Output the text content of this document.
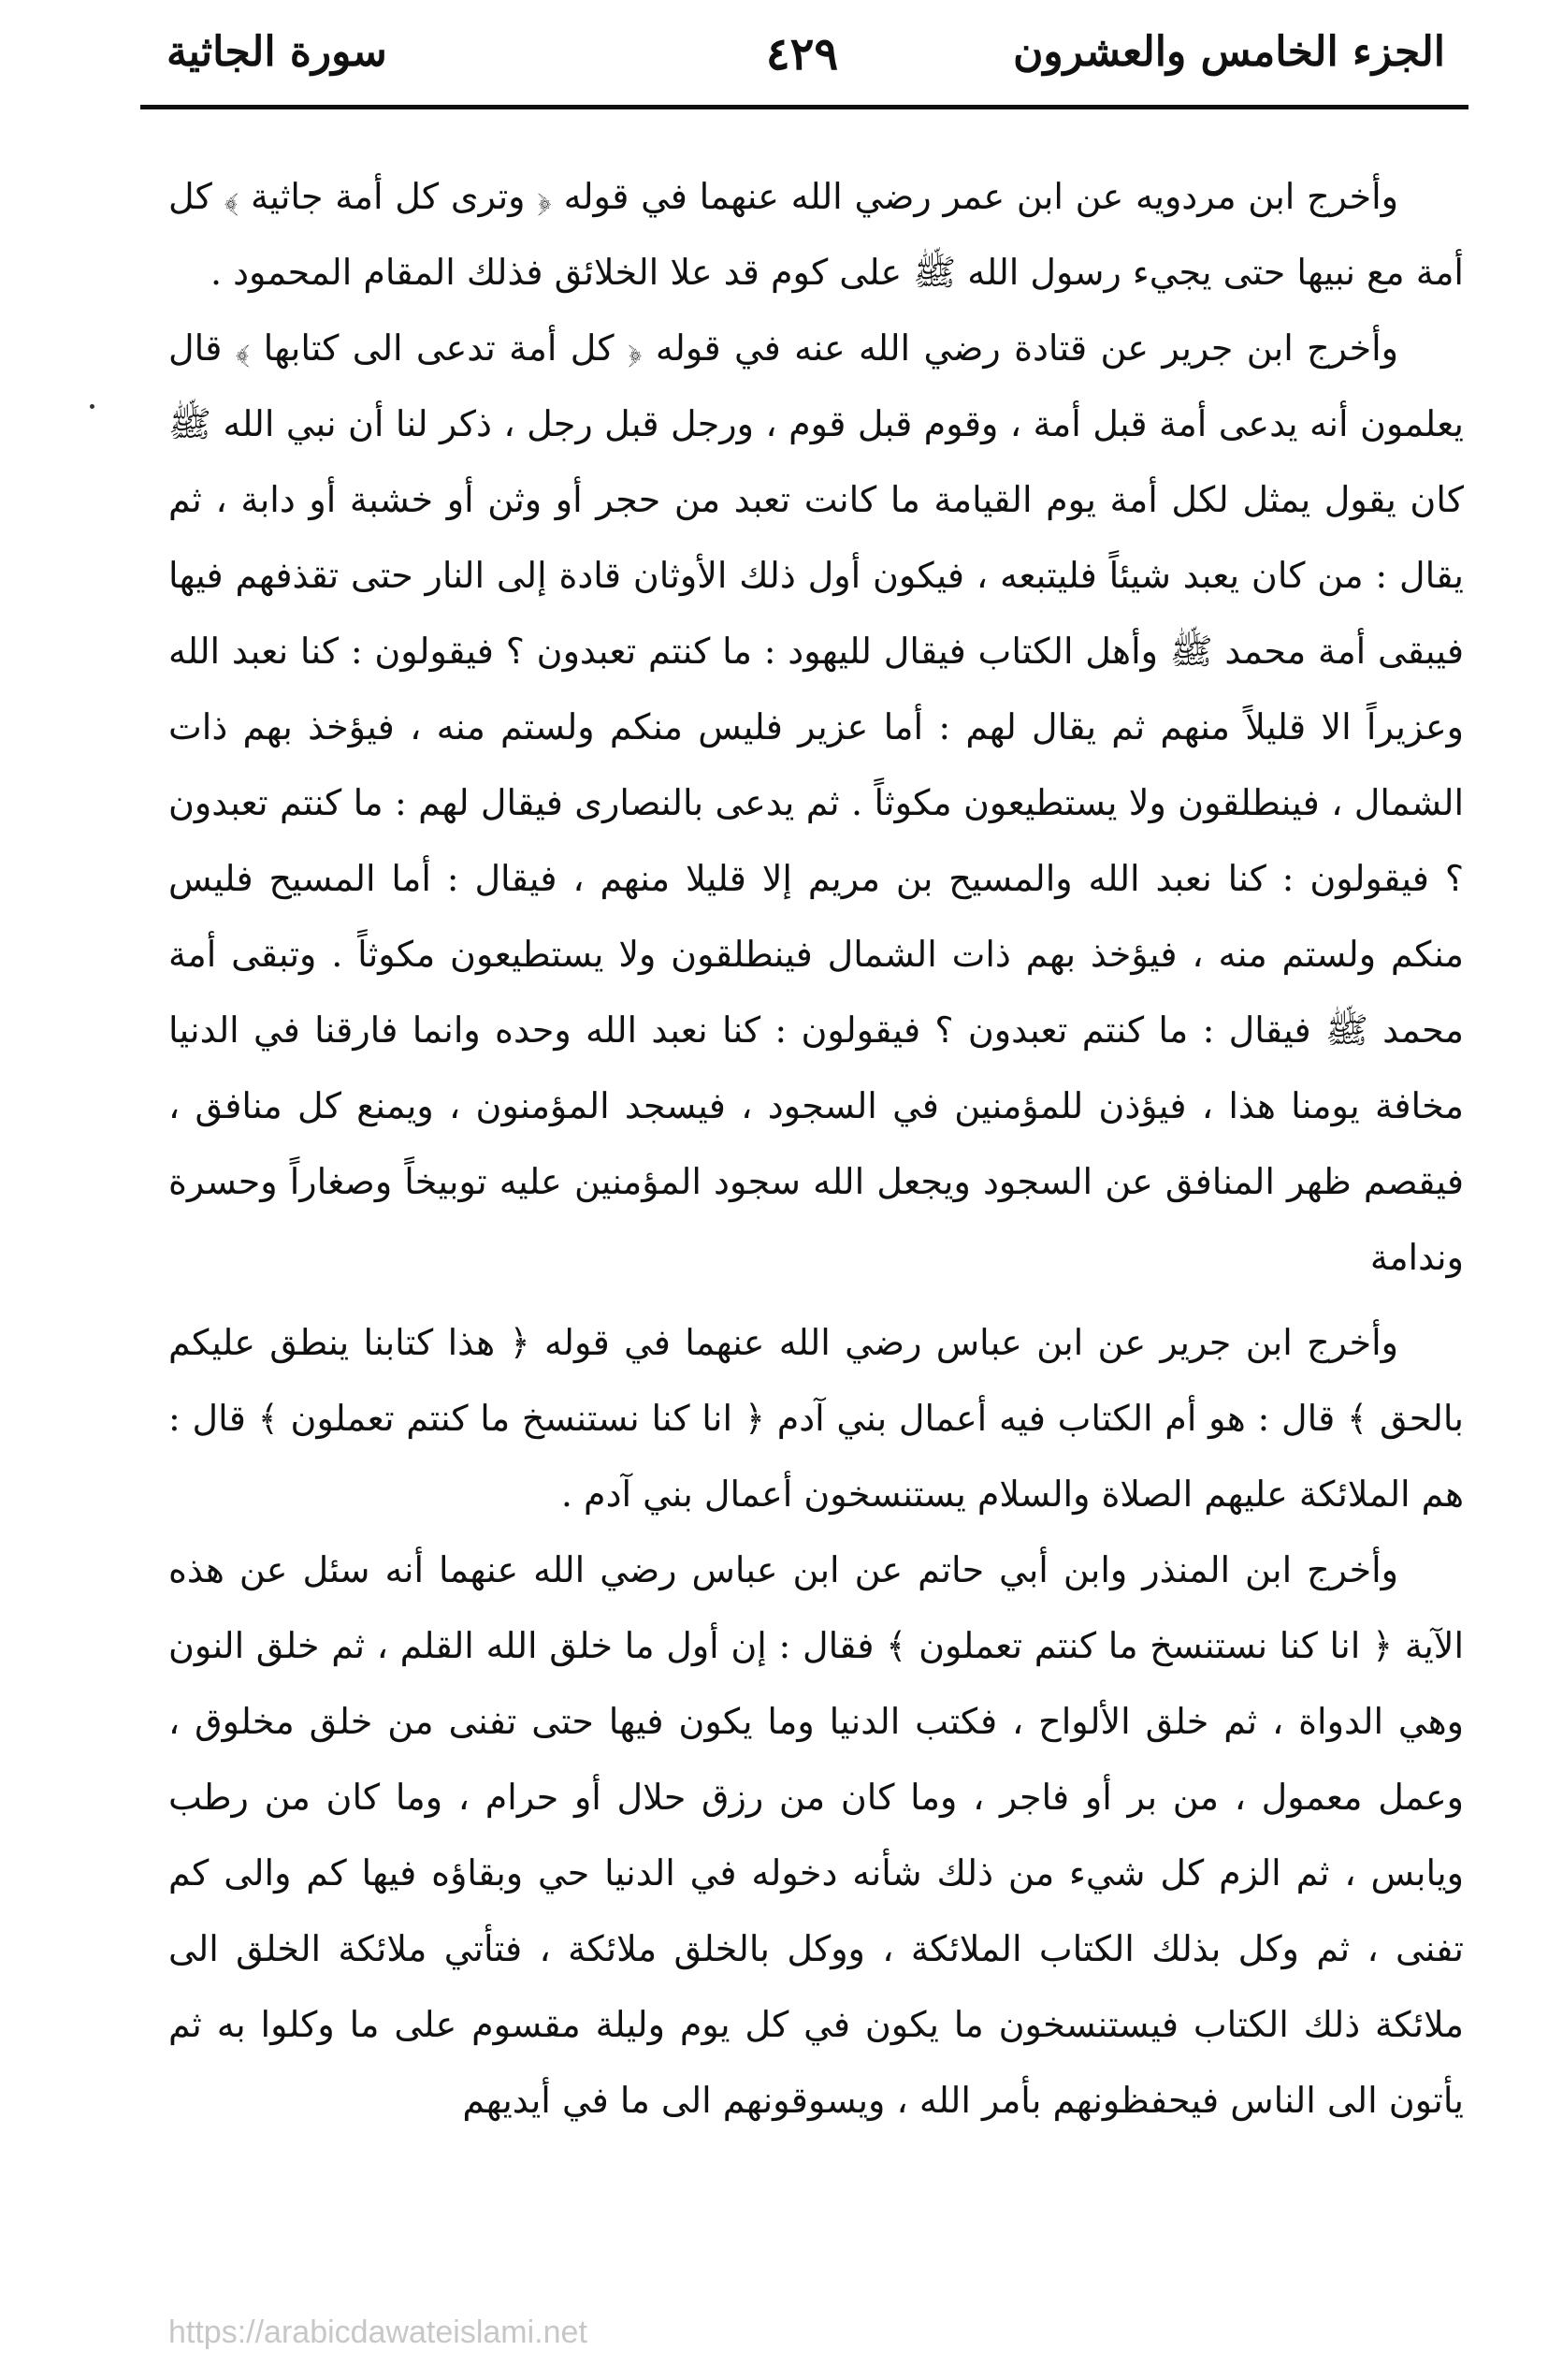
الجزء الخامس والعشرون
٤٢٩
سورة الجاثية

وأخرج ابن مردويه عن ابن عمر رضي الله عنهما في قوله ﴿ وترى كل أمة جاثية ﴾ كل أمة مع نبيها حتى يجيء رسول الله ﷺ على كوم قد علا الخلائق فذلك المقام المحمود .

وأخرج ابن جرير عن قتادة رضي الله عنه في قوله ﴿ كل أمة تدعى الى كتابها ﴾ قال يعلمون أنه يدعى أمة قبل أمة ، وقوم قبل قوم ، ورجل قبل رجل ، ذكر لنا أن نبي الله ﷺ كان يقول يمثل لكل أمة يوم القيامة ما كانت تعبد من حجر أو وثن أو خشبة أو دابة ، ثم يقال : من كان يعبد شيئاً فليتبعه ، فيكون أول ذلك الأوثان قادة إلى النار حتى تقذفهم فيها فيبقى أمة محمد ﷺ وأهل الكتاب فيقال لليهود : ما كنتم تعبدون ؟ فيقولون : كنا نعبد الله وعزيراً الا قليلاً منهم ثم يقال لهم : أما عزير فليس منكم ولستم منه ، فيؤخذ بهم ذات الشمال ، فينطلقون ولا يستطيعون مكوثاً . ثم يدعى بالنصارى فيقال لهم : ما كنتم تعبدون ؟ فيقولون : كنا نعبد الله والمسيح بن مريم إلا قليلا منهم ، فيقال : أما المسيح فليس منكم ولستم منه ، فيؤخذ بهم ذات الشمال فينطلقون ولا يستطيعون مكوثاً . وتبقى أمة محمد ﷺ فيقال : ما كنتم تعبدون ؟ فيقولون : كنا نعبد الله وحده وانما فارقنا في الدنيا مخافة يومنا هذا ، فيؤذن للمؤمنين في السجود ، فيسجد المؤمنون ، ويمنع كل منافق ، فيقصم ظهر المنافق عن السجود ويجعل الله سجود المؤمنين عليه توبيخاً وصغاراً وحسرة وندامة

وأخرج ابن جرير عن ابن عباس رضي الله عنهما في قوله ﴿ هذا كتابنا ينطق عليكم بالحق ﴾ قال : هو أم الكتاب فيه أعمال بني آدم ﴿ انا كنا نستنسخ ما كنتم تعملون ﴾ قال : هم الملائكة عليهم الصلاة والسلام يستنسخون أعمال بني آدم .

وأخرج ابن المنذر وابن أبي حاتم عن ابن عباس رضي الله عنهما أنه سئل عن هذه الآية ﴿ انا كنا نستنسخ ما كنتم تعملون ﴾ فقال : إن أول ما خلق الله القلم ، ثم خلق النون وهي الدواة ، ثم خلق الألواح ، فكتب الدنيا وما يكون فيها حتى تفنى من خلق مخلوق ، وعمل معمول ، من بر أو فاجر ، وما كان من رزق حلال أو حرام ، وما كان من رطب ويابس ، ثم الزم كل شيء من ذلك شأنه دخوله في الدنيا حي وبقاؤه فيها كم والى كم تفنى ، ثم وكل بذلك الكتاب الملائكة ، ووكل بالخلق ملائكة ، فتأتي ملائكة الخلق الى ملائكة ذلك الكتاب فيستنسخون ما يكون في كل يوم وليلة مقسوم على ما وكلوا به ثم يأتون الى الناس فيحفظونهم بأمر الله ، ويسوقونهم الى ما في أيديهم

https://arabicdawateislami.net
